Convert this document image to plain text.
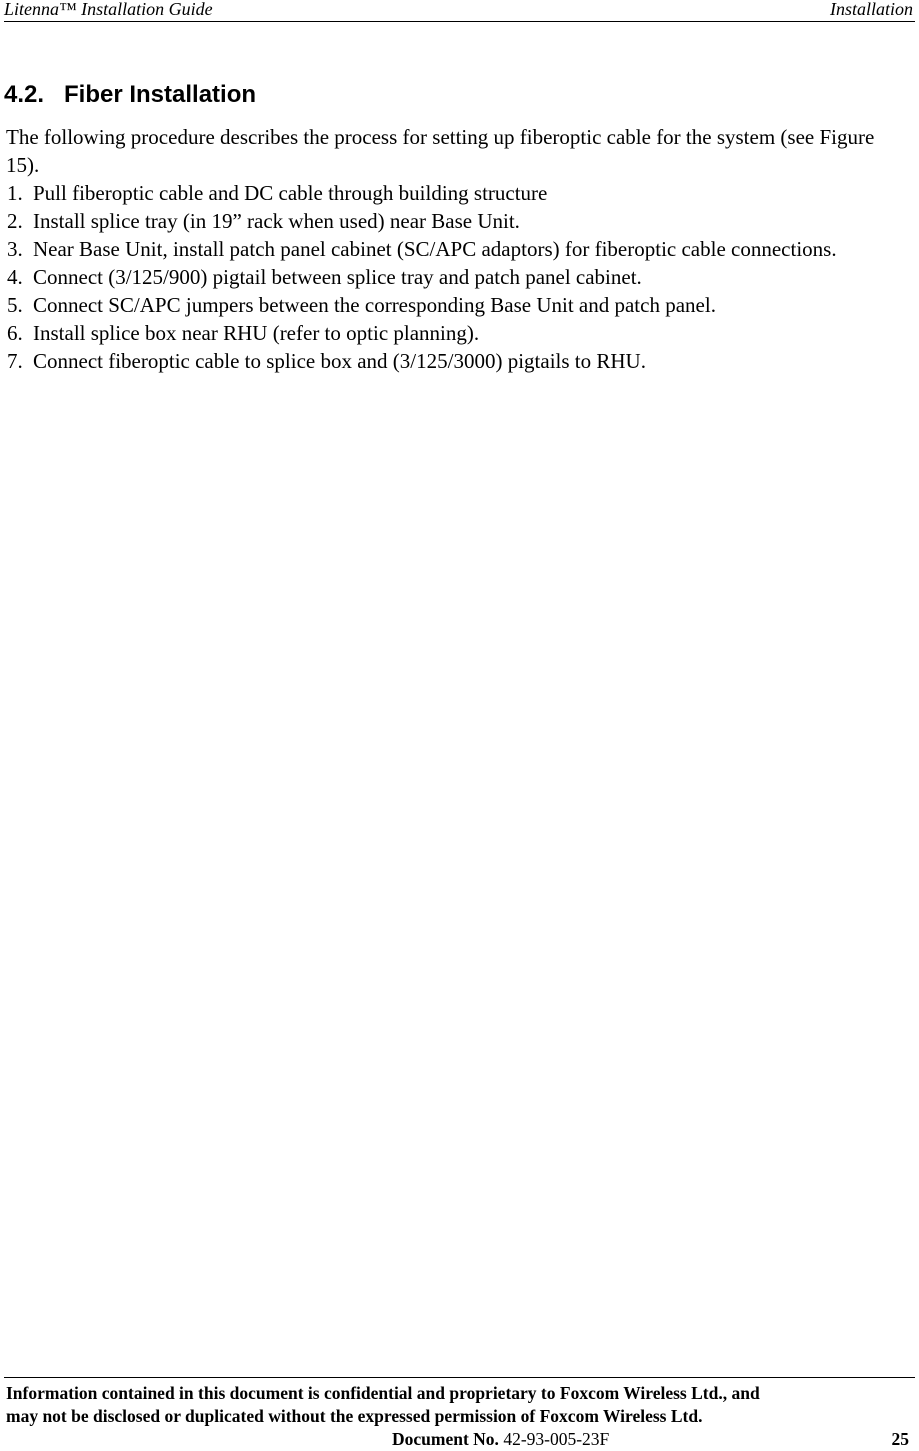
Litenna™ Installation Guide	Installation
4.2. Fiber Installation

The following procedure describes the process for setting up fiberoptic cable for the system (see Figure 15).

1. Pull fiberoptic cable and DC cable through building structure
2. Install splice tray (in 19” rack when used) near Base Unit.
3. Near Base Unit, install patch panel cabinet (SC/APC adaptors) for fiberoptic cable connections.
4. Connect (3/125/900) pigtail between splice tray and patch panel cabinet.
5. Connect SC/APC jumpers between the corresponding Base Unit and patch panel.
6. Install splice box near RHU (refer to optic planning).
7. Connect fiberoptic cable to splice box and (3/125/3000) pigtails to RHU.
Information contained in this document is confidential and proprietary to Foxcom Wireless Ltd., and
may not be disclosed or duplicated without the expressed permission of Foxcom Wireless Ltd.
Document No. 42-93-005-23F	25
